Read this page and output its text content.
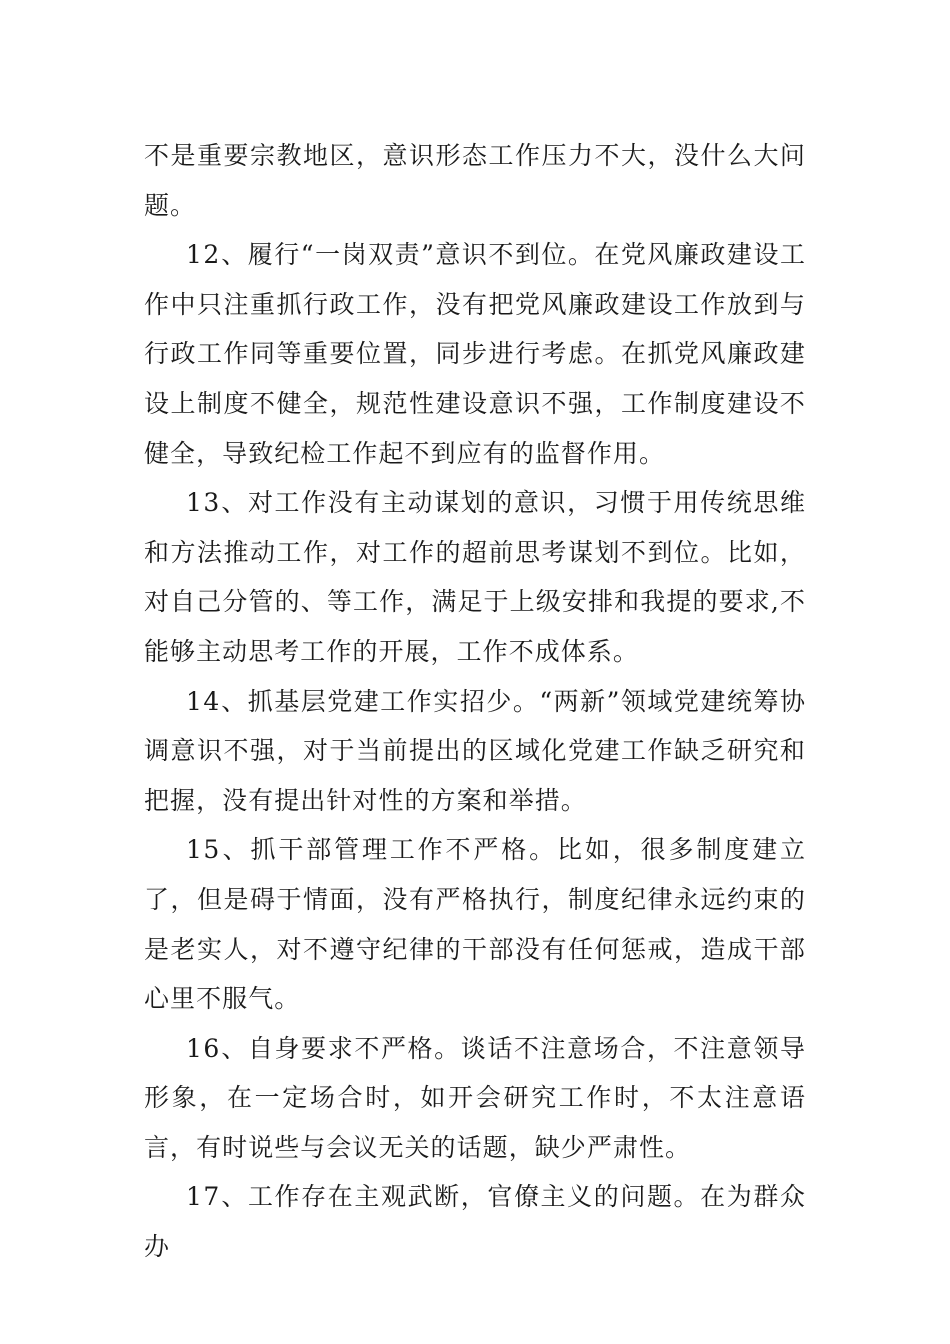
不是重要宗教地区，意识形态工作压力不大，没什么大问题。

12、履行“一岗双责”意识不到位。在党风廉政建设工作中只注重抓行政工作，没有把党风廉政建设工作放到与行政工作同等重要位置，同步进行考虑。在抓党风廉政建设上制度不健全，规范性建设意识不强，工作制度建设不健全，导致纪检工作起不到应有的监督作用。

13、对工作没有主动谋划的意识，习惯于用传统思维和方法推动工作，对工作的超前思考谋划不到位。比如，对自己分管的、等工作，满足于上级安排和我提的要求,不能够主动思考工作的开展，工作不成体系。

14、抓基层党建工作实招少。“两新”领域党建统筹协调意识不强，对于当前提出的区域化党建工作缺乏研究和把握，没有提出针对性的方案和举措。

15、抓干部管理工作不严格。比如，很多制度建立了，但是碍于情面，没有严格执行，制度纪律永远约束的是老实人，对不遵守纪律的干部没有任何惩戒，造成干部心里不服气。

16、自身要求不严格。谈话不注意场合，不注意领导形象，在一定场合时，如开会研究工作时，不太注意语言，有时说些与会议无关的话题，缺少严肃性。

17、工作存在主观武断，官僚主义的问题。在为群众办
